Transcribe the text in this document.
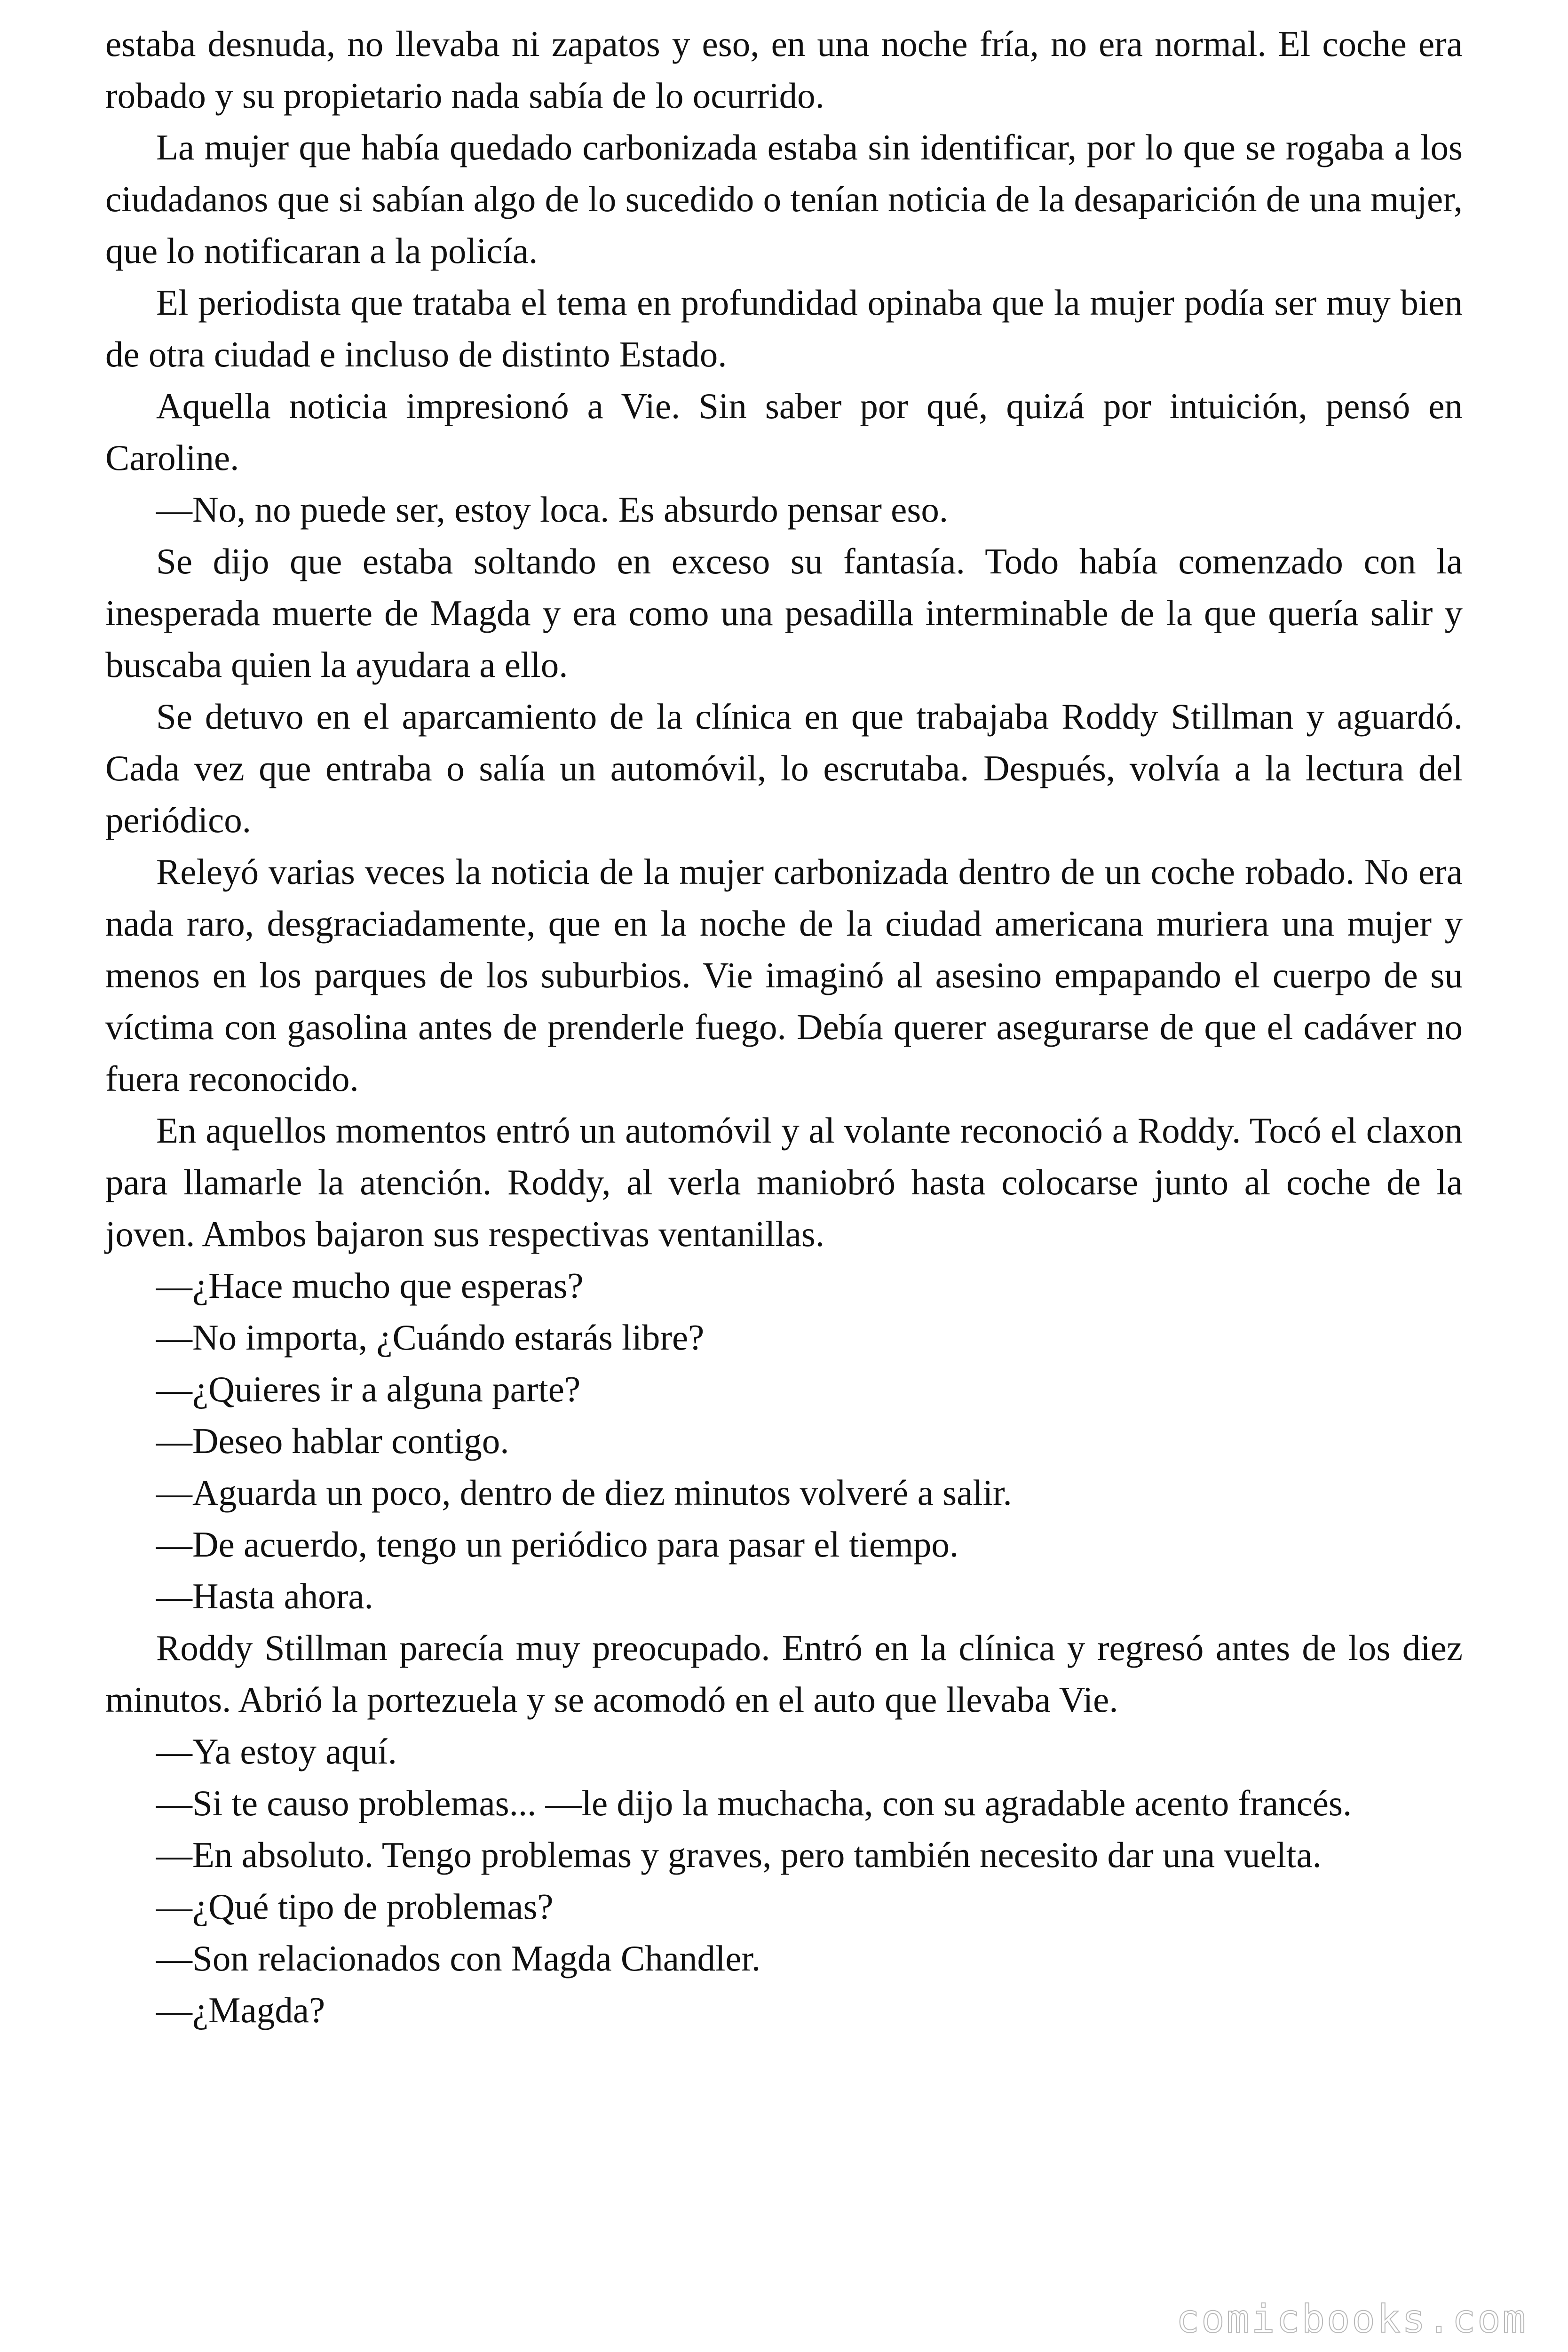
estaba desnuda, no llevaba ni zapatos y eso, en una noche fría, no era normal. El coche era robado y su propietario nada sabía de lo ocurrido.

La mujer que había quedado carbonizada estaba sin identificar, por lo que se rogaba a los ciudadanos que si sabían algo de lo sucedido o tenían noticia de la desaparición de una mujer, que lo notificaran a la policía.

El periodista que trataba el tema en profundidad opinaba que la mujer podía ser muy bien de otra ciudad e incluso de distinto Estado.

Aquella noticia impresionó a Vie. Sin saber por qué, quizá por intuición, pensó en Caroline.

—No, no puede ser, estoy loca. Es absurdo pensar eso.

Se dijo que estaba soltando en exceso su fantasía. Todo había comenzado con la inesperada muerte de Magda y era como una pesadilla interminable de la que quería salir y buscaba quien la ayudara a ello.

Se detuvo en el aparcamiento de la clínica en que trabajaba Roddy Stillman y aguardó. Cada vez que entraba o salía un automóvil, lo escrutaba. Después, volvía a la lectura del periódico.

Releyó varias veces la noticia de la mujer carbonizada dentro de un coche robado. No era nada raro, desgraciadamente, que en la noche de la ciudad americana muriera una mujer y menos en los parques de los suburbios. Vie imaginó al asesino empapando el cuerpo de su víctima con gasolina antes de prenderle fuego. Debía querer asegurarse de que el cadáver no fuera reconocido.

En aquellos momentos entró un automóvil y al volante reconoció a Roddy. Tocó el claxon para llamarle la atención. Roddy, al verla maniobró hasta colocarse junto al coche de la joven. Ambos bajaron sus respectivas ventanillas.

—¿Hace mucho que esperas?

—No importa, ¿Cuándo estarás libre?

—¿Quieres ir a alguna parte?

—Deseo hablar contigo.

—Aguarda un poco, dentro de diez minutos volveré a salir.

—De acuerdo, tengo un periódico para pasar el tiempo.

—Hasta ahora.

Roddy Stillman parecía muy preocupado. Entró en la clínica y regresó antes de los diez minutos. Abrió la portezuela y se acomodó en el auto que llevaba Vie.

—Ya estoy aquí.

—Si te causo problemas... —le dijo la muchacha, con su agradable acento francés.

—En absoluto. Tengo problemas y graves, pero también necesito dar una vuelta.

—¿Qué tipo de problemas?

—Son relacionados con Magda Chandler.

—¿Magda?

comicbooks.com
